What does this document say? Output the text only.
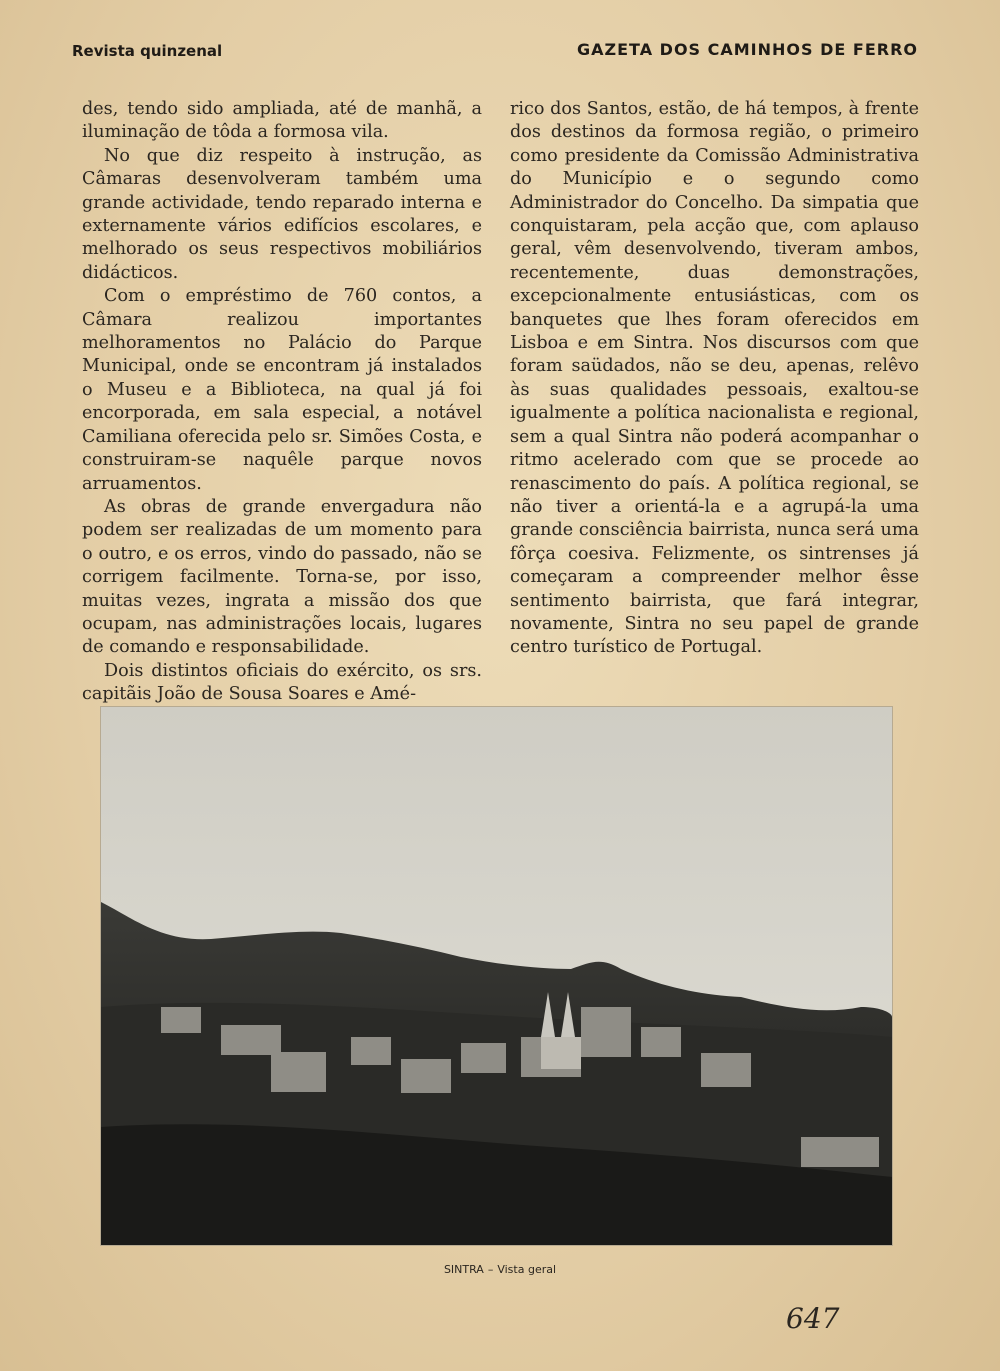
Revista quinzenal	GAZETA DOS CAMINHOS DE FERRO

des, tendo sido ampliada, até de manhã, a iluminação de tôda a formosa vila.

No que diz respeito à instrução, as Câmaras desenvolveram também uma grande actividade, tendo reparado interna e externamente vários edifícios escolares, e melhorado os seus respectivos mobiliários didácticos.

Com o empréstimo de 760 contos, a Câmara realizou importantes melhoramentos no Palácio do Parque Municipal, onde se encontram já instalados o Museu e a Biblioteca, na qual já foi encorporada, em sala especial, a notável Camiliana oferecida pelo sr. Simões Costa, e construiram-se naquêle parque novos arruamentos.

As obras de grande envergadura não podem ser realizadas de um momento para o outro, e os erros, vindo do passado, não se corrigem facilmente. Torna-se, por isso, muitas vezes, ingrata a missão dos que ocupam, nas administrações locais, lugares de comando e responsabilidade.

Dois distintos oficiais do exército, os srs. capitãis João de Sousa Soares e Amé-

rico dos Santos, estão, de há tempos, à frente dos destinos da formosa região, o primeiro como presidente da Comissão Administrativa do Município e o segundo como Administrador do Concelho. Da simpatia que conquistaram, pela acção que, com aplauso geral, vêm desenvolvendo, tiveram ambos, recentemente, duas demonstrações, excepcionalmente entusiásticas, com os banquetes que lhes foram oferecidos em Lisboa e em Sintra. Nos discursos com que foram saüdados, não se deu, apenas, relêvo às suas qualidades pessoais, exaltou-se igualmente a política nacionalista e regional, sem a qual Sintra não poderá acompanhar o ritmo acelerado com que se procede ao renascimento do país. A política regional, se não tiver a orientá-la e a agrupá-la uma grande consciência bairrista, nunca será uma fôrça coesiva. Felizmente, os sintrenses já começaram a compreender melhor êsse sentimento bairrista, que fará integrar, novamente, Sintra no seu papel de grande centro turístico de Portugal.

SINTRA – Vista geral
647
